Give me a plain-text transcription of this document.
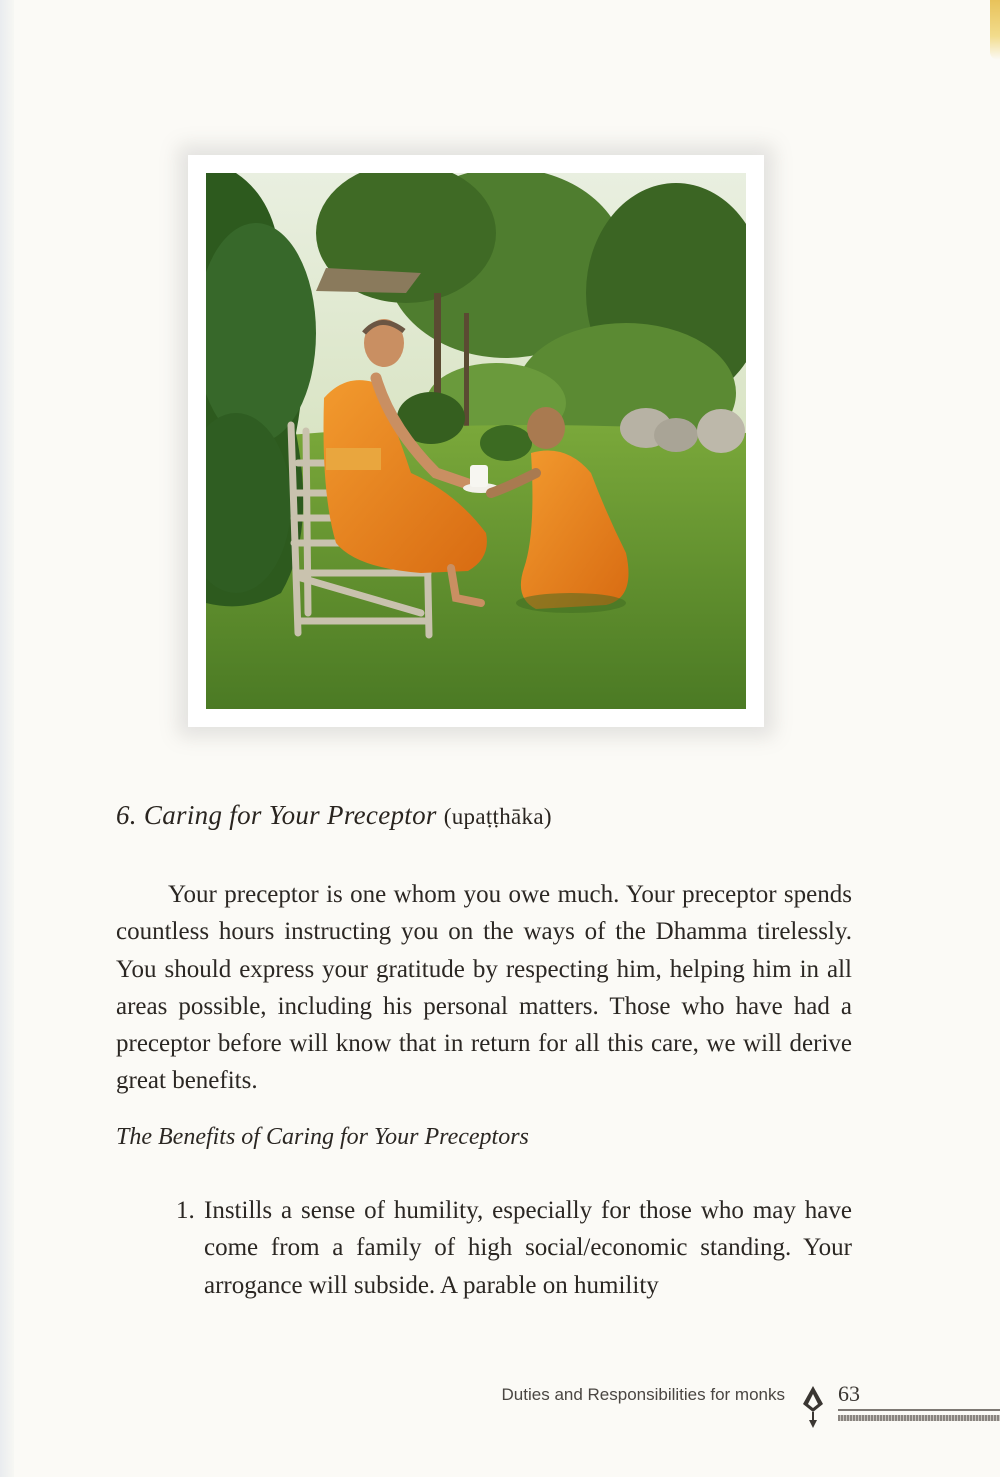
6. Caring for Your Preceptor (upaṭṭhāka)

Your preceptor is one whom you owe much. Your preceptor spends countless hours instructing you on the ways of the Dhamma tirelessly. You should express your gratitude by respecting him, helping him in all areas possible, including his personal matters. Those who have had a preceptor before will know that in return for all this care, we will derive great benefits.

The Benefits of Caring for Your Preceptors
1. Instills a sense of humility, especially for those who may have come from a family of high social/economic standing. Your arrogance will subside. A parable on humility
Duties and Responsibilities for monks 63
